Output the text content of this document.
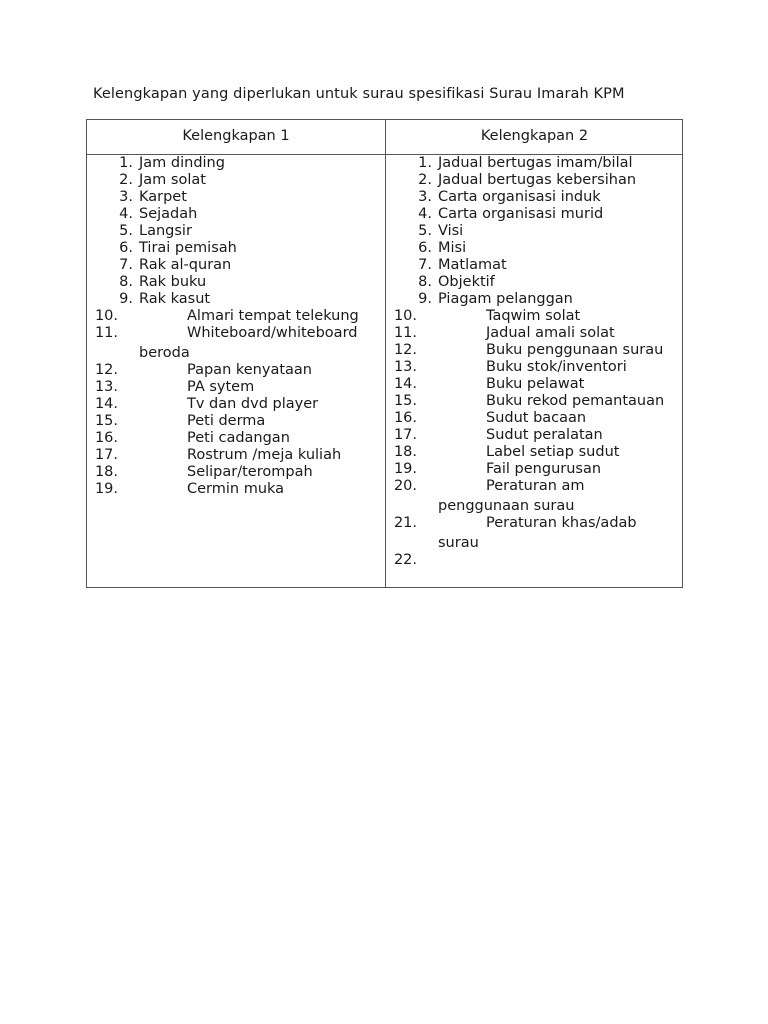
Kelengkapan yang diperlukan untuk surau spesifikasi Surau Imarah KPM
Kelengkapan 1	Kelengkapan 2
1. Jam dinding
2. Jam solat
3. Karpet
4. Sejadah
5. Langsir
6. Tirai pemisah
7. Rak al-quran
8. Rak buku
9. Rak kasut
10.	Almari tempat telekung
11.	Whiteboard/whiteboard
beroda
12.	Papan kenyataan
13.	PA sytem
14.	Tv dan dvd player
15.	Peti derma
16.	Peti cadangan
17.	Rostrum /meja kuliah
18.	Selipar/terompah
19.	Cermin muka
1. Jadual bertugas imam/bilal
2. Jadual bertugas kebersihan
3. Carta organisasi induk
4. Carta organisasi murid
5. Visi
6. Misi
7. Matlamat
8. Objektif
9. Piagam pelanggan
10.	Taqwim solat
11.	Jadual amali solat
12.	Buku penggunaan surau
13.	Buku stok/inventori
14.	Buku pelawat
15.	Buku rekod pemantauan
16.	Sudut bacaan
17.	Sudut peralatan
18.	Label setiap sudut
19.	Fail pengurusan
20.	Peraturan am
penggunaan surau
21.	Peraturan khas/adab
surau
22.
